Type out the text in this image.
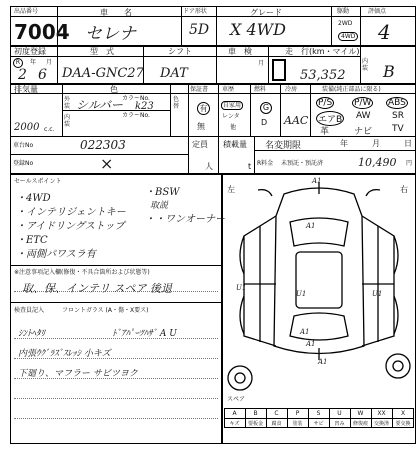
出品番号
7004
車　　名
セレナ
ドア形状
5D
グレード
X 4WD
駆動
2WD
4WD
評価点
4
初度登録	型　式	シフト	車　検	走　行(km・マイル)
R	年 月
2 6 DAA-GNC27 DAT
月
53,352
内装 B
排気量	色
外装 シルバー カラーNo.
k23
内装
カラーNo.
色替
2000 c.c.
保証書
有
無
車歴
自家用
レンタ
他
燃料
G
D
冷房
AAC
装備(純正部品に限る)
P/S P/W ABS
エアB AW SR
革	ナビ TV
車台No	022303
登録No	×
定員 積載量
人	t
名変期限	年	月	日
R料金 未預託・預託済	10,490 円
セールスポイント
・4WD
・インテリジェントキー
・アイドリングストップ
・ETC
・両側パワスラ有
・BSW
取説
・・ワンオーナー
※注意事項記入欄(修復・不具合箇所および状態等)
取、保、インテリ スペア 後退
検査員記入	フロントガラス (A・傷・X要ス)
ｼﾝﾄﾍﾀﾘ	ﾄﾞｱﾊﾟｰﾂﾊｻﾞ A U
内張ｳｸﾞﾗｽﾞｽﾚｯｼ 小キズ
下廻り、マフラー サビツヨク
左	右
A1
A1
U1
U1	U1
A1
A1
A1
スペア
A	B	C	P	S	U	W	XX	X
キズ	要板金	腐食	塗装	サビ	凹み	修復痕	交換済	要交換
